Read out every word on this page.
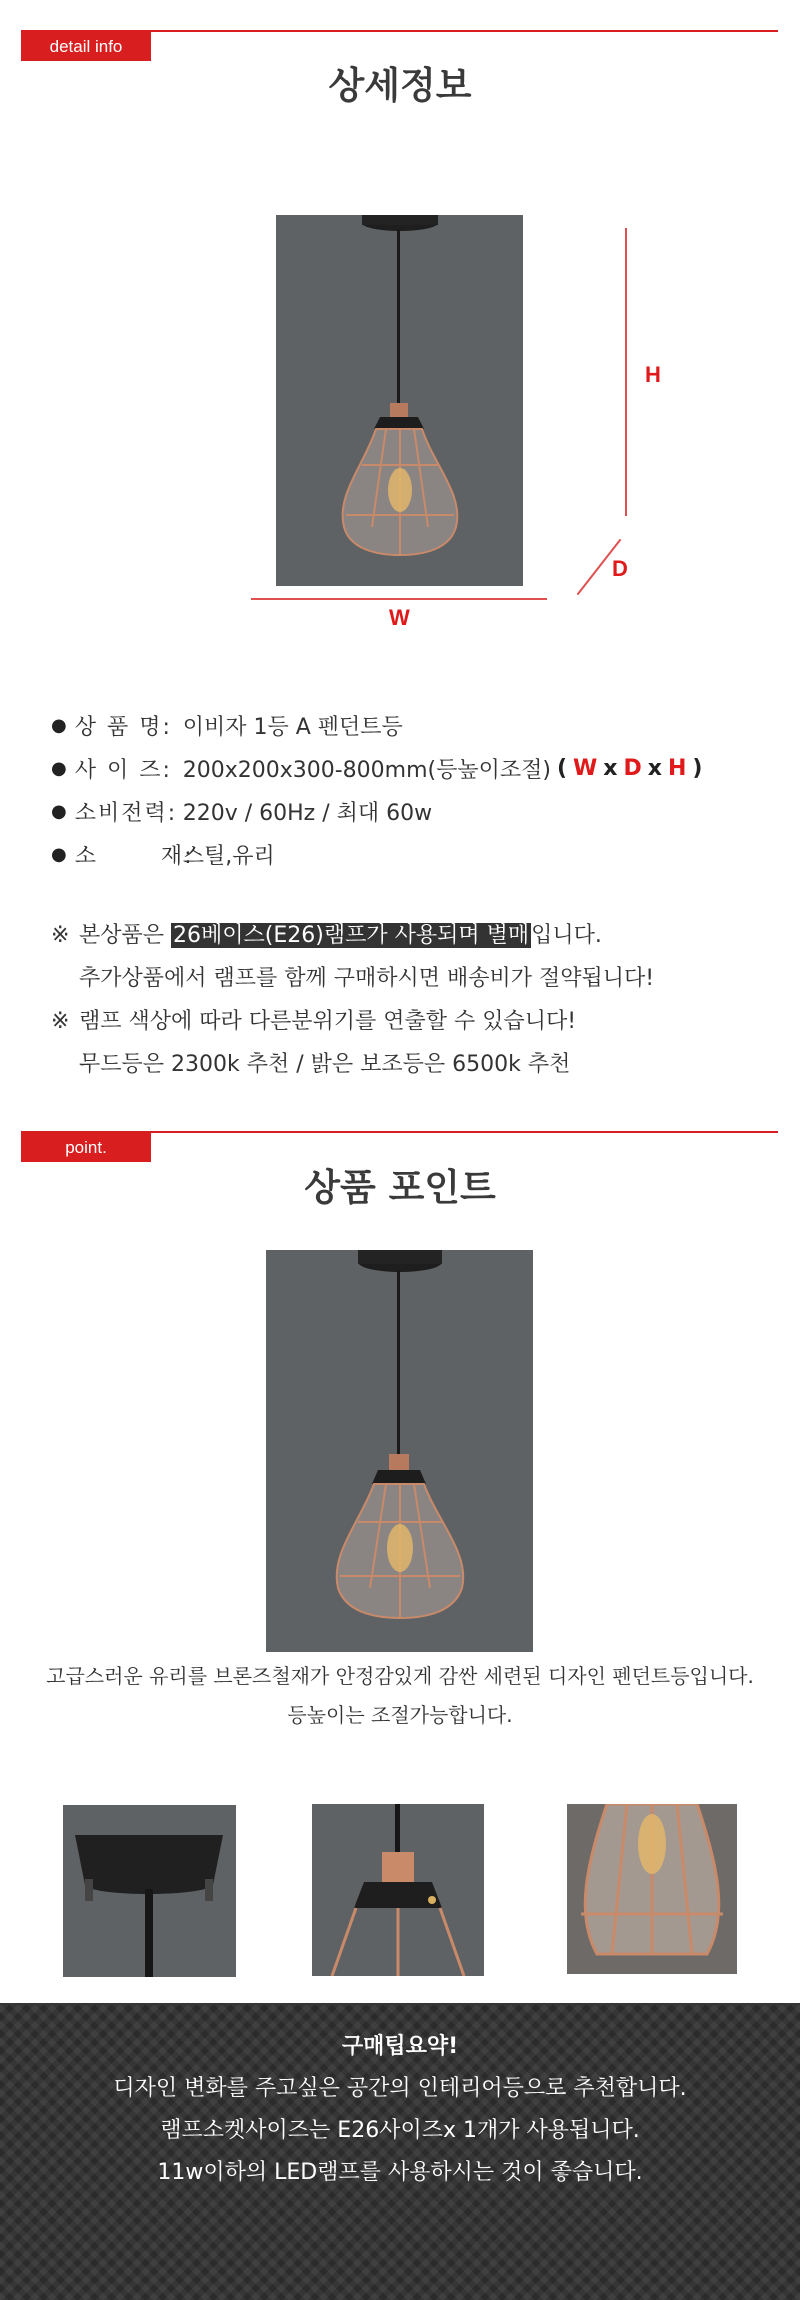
detail info
상세정보
H
D
W
● 상 품 명: 이비자 1등 A 펜던트등
● 사 이 즈: 200x200x300-800mm(등높이조절) ( W x D x H )
● 소비전력: 220v / 60Hz / 최대 60w
● 소       재:
스틸,유리
※ 본상품은 26베이스(E26)램프가 사용되며 별매입니다.
추가상품에서 램프를 함께 구매하시면 배송비가 절약됩니다!
※ 램프 색상에 따라 다른분위기를 연출할 수 있습니다!
무드등은 2300k 추천 / 밝은 보조등은 6500k 추천
point.
상품 포인트
고급스러운 유리를 브론즈철재가 안정감있게 감싼 세련된 디자인 펜던트등입니다.
등높이는 조절가능합니다.
구매팁요약!
디자인 변화를 주고싶은 공간의 인테리어등으로 추천합니다.
램프소켓사이즈는 E26사이즈x 1개가 사용됩니다.
11w이하의 LED램프를 사용하시는 것이 좋습니다.
